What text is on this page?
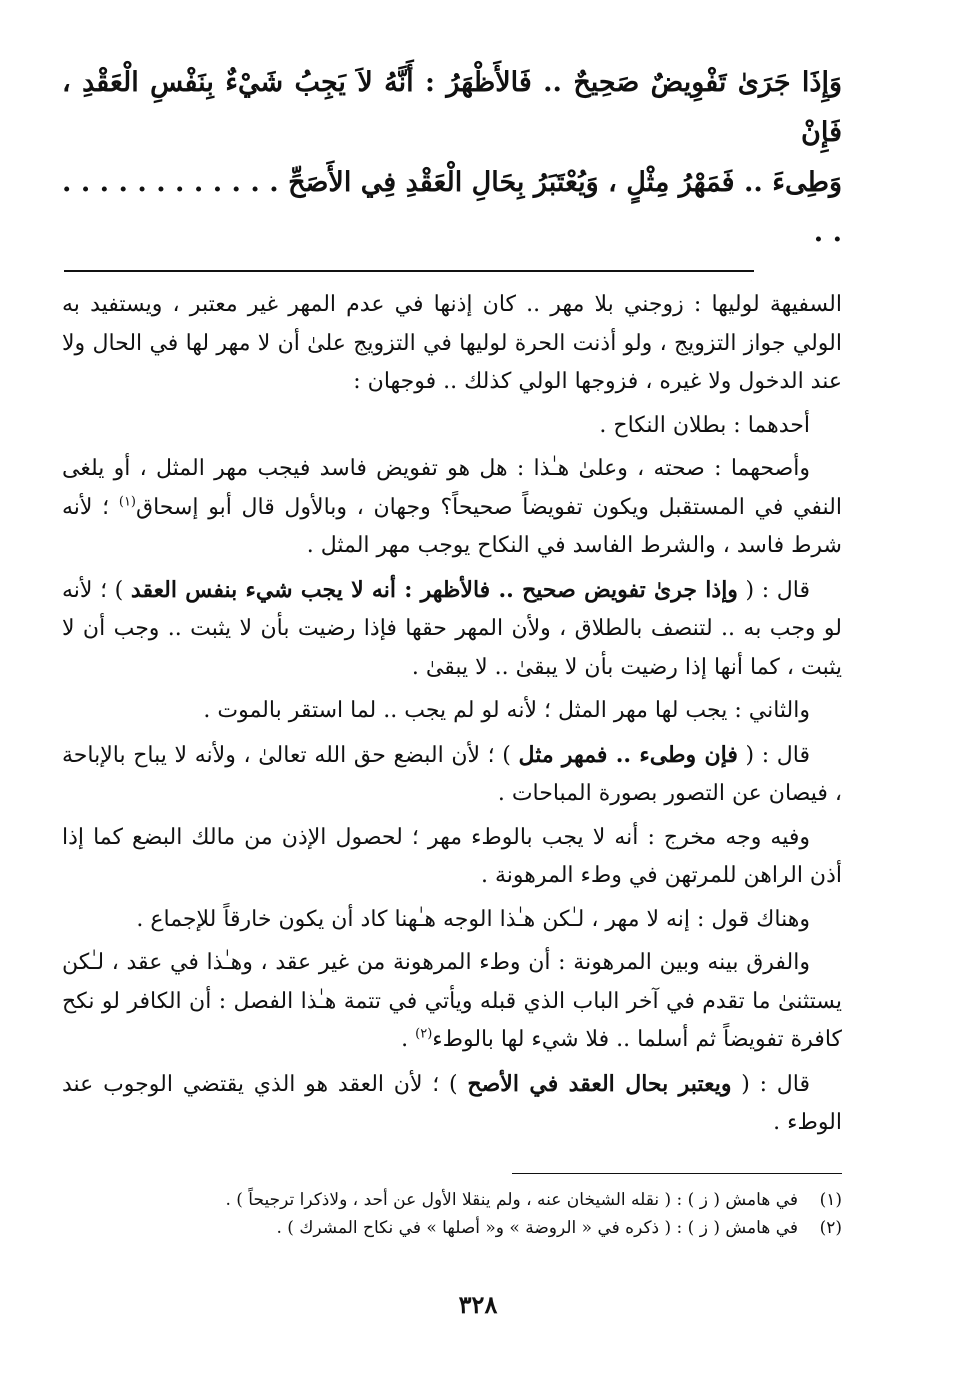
وَإِذَا جَرَىٰ تَفْوِيضٌ صَحِيحٌ .. فَالأَظْهَرُ : أَنَّهُ لاَ يَجِبُ شَيْءٌ بِنَفْسِ الْعَقْدِ ، فَإِنْ
وَطِىءَ .. فَمَهْرُ مِثْلٍ ، وَيُعْتَبَرُ بِحَالِ الْعَقْدِ فِي الأَصَحِّ . . . . . . . . . . . . . .

السفيهة لوليها : زوجني بلا مهر .. كان إذنها في عدم المهر غير معتبر ، ويستفيد به الولي جواز التزويج ، ولو أذنت الحرة لوليها في التزويج علىٰ أن لا مهر لها في الحال ولا عند الدخول ولا غيره ، فزوجها الولي كذلك .. فوجهان :

أحدهما : بطلان النكاح .

وأصحهما : صحته ، وعلىٰ هـٰذا : هل هو تفويض فاسد فيجب مهر المثل ، أو يلغى النفي في المستقبل ويكون تفويضاً صحيحاً؟ وجهان ، وبالأول قال أبو إسحاق$^{(١)}$ ؛ لأنه شرط فاسد ، والشرط الفاسد في النكاح يوجب مهر المثل .

قال : ( وإذا جرىٰ تفويض صحيح .. فالأظهر : أنه لا يجب شيء بنفس العقد ) ؛ لأنه لو وجب به .. لتنصف بالطلاق ، ولأن المهر حقها فإذا رضيت بأن لا يثبت .. وجب أن لا يثبت ، كما أنها إذا رضيت بأن لا يبقىٰ .. لا يبقىٰ .

والثاني : يجب لها مهر المثل ؛ لأنه لو لم يجب .. لما استقر بالموت .

قال : ( فإن وطىء .. فمهر مثل ) ؛ لأن البضع حق الله تعالىٰ ، ولأنه لا يباح بالإباحة ، فيصان عن التصور بصورة المباحات .

وفيه وجه مخرج : أنه لا يجب بالوطء مهر ؛ لحصول الإذن من مالك البضع كما إذا أذن الراهن للمرتهن في وطء المرهونة .

وهناك قول : إنه لا مهر ، لـٰكن هـٰذا الوجه هـٰهنا كاد أن يكون خارقاً للإجماع .

والفرق بينه وبين المرهونة : أن وطء المرهونة من غير عقد ، وهـٰذا في عقد ، لـٰكن يستثنىٰ ما تقدم في آخر الباب الذي قبله ويأتي في تتمة هـٰذا الفصل : أن الكافر لو نكح كافرة تفويضاً ثم أسلما .. فلا شيء لها بالوطء$^{(٢)}$ .

قال : ( ويعتبر بحال العقد في الأصح ) ؛ لأن العقد هو الذي يقتضي الوجوب عند الوطء .

(١)في هامش ( ز ) : ( نقله الشيخان عنه ، ولم ينقلا الأول عن أحد ، ولاذكرا ترجيحاً ) .

(٢)في هامش ( ز ) : ( ذكره في « الروضة » و« أصلها » في نكاح المشرك ) .

٣٢٨
